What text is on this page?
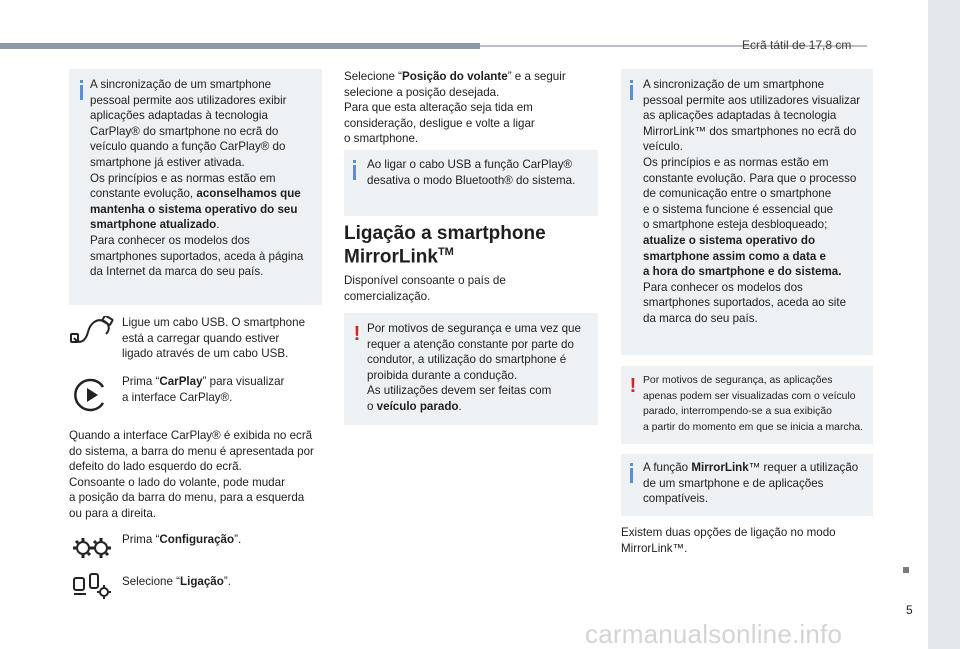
Ecrã tátil de 17,8 cm
5
carmanualsonline.info
A sincronização de um smartphone
pessoal permite aos utilizadores exibir
aplicações adaptadas à tecnologia
CarPlay® do smartphone no ecrã do
veículo quando a função CarPlay® do
smartphone já estiver ativada.
Os princípios e as normas estão em
constante evolução, aconselhamos que
mantenha o sistema operativo do seu
smartphone atualizado.
Para conhecer os modelos dos
smartphones suportados, aceda à página
da Internet da marca do seu país.
Ligue um cabo USB. O smartphone
está a carregar quando estiver
ligado através de um cabo USB.
Prima “CarPlay” para visualizar
a interface CarPlay®.
Quando a interface CarPlay® é exibida no ecrã
do sistema, a barra do menu é apresentada por
defeito do lado esquerdo do ecrã.
Consoante o lado do volante, pode mudar
a posição da barra do menu, para a esquerda
ou para a direita.
Prima “Configuração”.
Selecione “Ligação”.
Selecione “Posição do volante” e a seguir
selecione a posição desejada.
Para que esta alteração seja tida em
consideração, desligue e volte a ligar
o smartphone.
Ao ligar o cabo USB a função CarPlay®
desativa o modo Bluetooth® do sistema.
Ligação a smartphone
MirrorLink™
Disponível consoante o país de
comercialização.
! Por motivos de segurança e uma vez que
requer a atenção constante por parte do
condutor, a utilização do smartphone é
proibida durante a condução.
As utilizações devem ser feitas com
o veículo parado.
A sincronização de um smartphone
pessoal permite aos utilizadores visualizar
as aplicações adaptadas à tecnologia
MirrorLink™ dos smartphones no ecrã do
veículo.
Os princípios e as normas estão em
constante evolução. Para que o processo
de comunicação entre o smartphone
e o sistema funcione é essencial que
o smartphone esteja desbloqueado;
atualize o sistema operativo do
smartphone assim como a data e
a hora do smartphone e do sistema.
Para conhecer os modelos dos
smartphones suportados, aceda ao site
da marca do seu país.
! Por motivos de segurança, as aplicações
apenas podem ser visualizadas com o veículo
parado, interrompendo-se a sua exibição
a partir do momento em que se inicia a marcha.
A função MirrorLink™ requer a utilização
de um smartphone e de aplicações
compatíveis.
Existem duas opções de ligação no modo
MirrorLink™.
